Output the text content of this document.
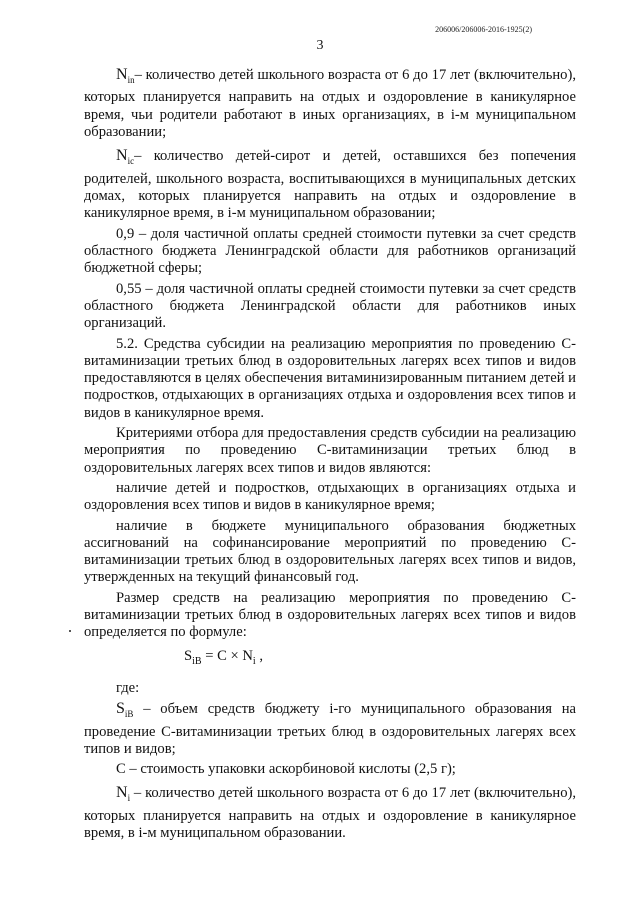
206006/206006-2016-1925(2)
3

$N_{in}-$ количество детей школьного возраста от 6 до 17 лет (включительно), которых планируется направить на отдых и оздоровление в каникулярное время, чьи родители работают в иных организациях, в i-м муниципальном образовании;

$N_{ic}-$ количество детей-сирот и детей, оставшихся без попечения родителей, школьного возраста, воспитывающихся в муниципальных детских домах, которых планируется направить на отдых и оздоровление в каникулярное время, в i-м муниципальном образовании;

0,9 – доля частичной оплаты средней стоимости путевки за счет средств областного бюджета Ленинградской области для работников организаций бюджетной сферы;

0,55 – доля частичной оплаты средней стоимости путевки за счет средств областного бюджета Ленинградской области для работников иных организаций.

5.2. Средства субсидии на реализацию мероприятия по проведению С-витаминизации третьих блюд в оздоровительных лагерях всех типов и видов предоставляются в целях обеспечения витаминизированным питанием детей и подростков, отдыхающих в организациях отдыха и оздоровления всех типов и видов в каникулярное время.

Критериями отбора для предоставления средств субсидии на реализацию мероприятия по проведению С-витаминизации третьих блюд в оздоровительных лагерях всех типов и видов являются:

наличие детей и подростков, отдыхающих в организациях отдыха и оздоровления всех типов и видов в каникулярное время;

наличие в бюджете муниципального образования бюджетных ассигнований на софинансирование мероприятий по проведению С-витаминизации третьих блюд в оздоровительных лагерях всех типов и видов, утвержденных на текущий финансовый год.

Размер средств на реализацию мероприятия по проведению С-витаминизации третьих блюд в оздоровительных лагерях всех типов и видов определяется по формуле:

$S_{iB} = C \times N_i$ ,

где:

$S_{iB}$ – объем средств бюджету i-го муниципального образования на проведение С-витаминизации третьих блюд в оздоровительных лагерях всех типов и видов;

С – стоимость упаковки аскорбиновой кислоты (2,5 г);

$N_i$ – количество детей школьного возраста от 6 до 17 лет (включительно), которых планируется направить на отдых и оздоровление в каникулярное время, в i-м муниципальном образовании.
